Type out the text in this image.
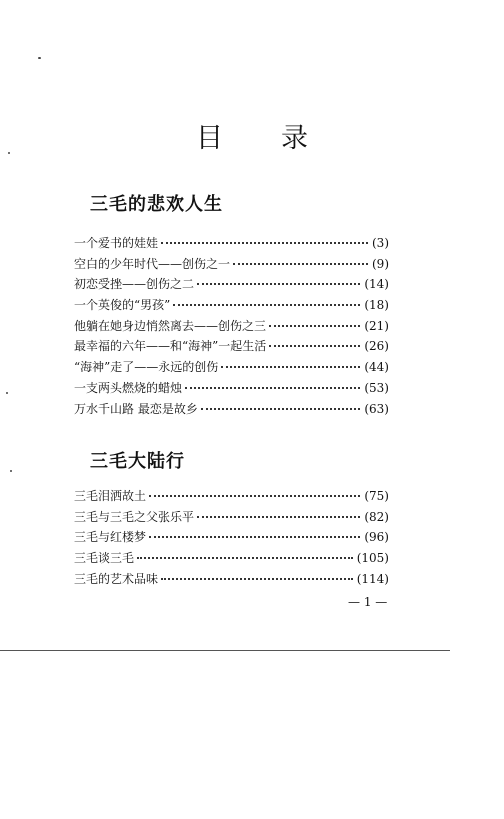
目录
三毛的悲欢人生
一个爱书的娃娃	(3)
空白的少年时代——创伤之一	(9)
初恋受挫——创伤之二	(14)
一个英俊的“男孩”	(18)
他躺在她身边悄然离去——创伤之三	(21)
最幸福的六年——和“海神”一起生活	(26)
“海神”走了——永远的创伤	(44)
一支两头燃烧的蜡烛	(53)
万水千山路 最恋是故乡	(63)
三毛大陆行
三毛泪洒故土	(75)
三毛与三毛之父张乐平	(82)
三毛与红楼梦	(96)
三毛谈三毛	(105)
三毛的艺术品味	(114)
— 1 —
